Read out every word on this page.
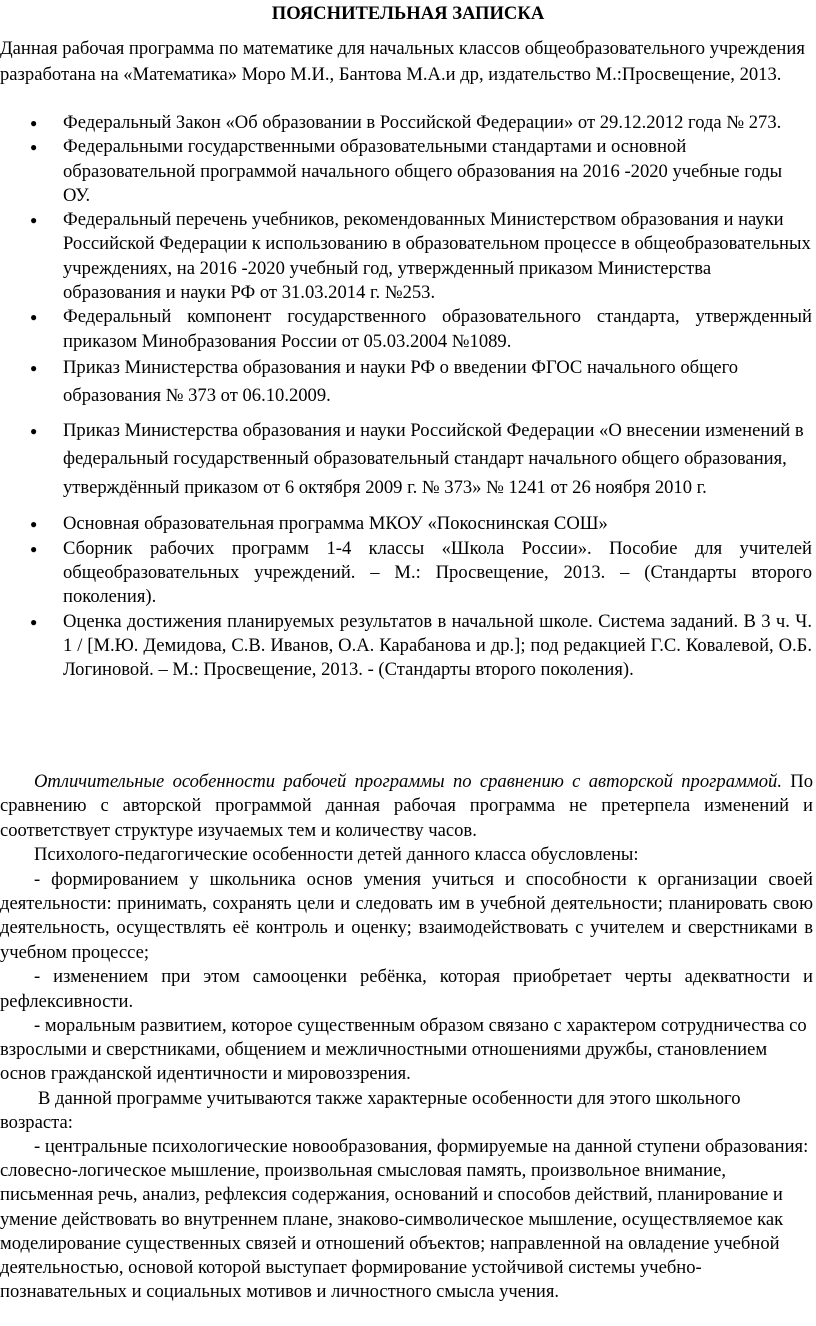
ПОЯСНИТЕЛЬНАЯ ЗАПИСКА

Данная рабочая программа по математике для начальных классов общеобразовательного учреждения разработана на «Математика» Моро М.И., Бантова М.А.и др, издательство М.:Просвещение, 2013.

● Федеральный Закон «Об образовании в Российской Федерации» от 29.12.2012 года № 273.
● Федеральными государственными образовательными стандартами и основной образовательной программой начального общего образования на 2016 -2020 учебные годы ОУ.
● Федеральный перечень учебников, рекомендованных Министерством образования и науки Российской Федерации к использованию в образовательном процессе в общеобразовательных учреждениях, на 2016 -2020 учебный год, утвержденный приказом Министерства образования и науки РФ от 31.03.2014 г. №253.
● Федеральный компонент государственного образовательного стандарта, утвержденный приказом Минобразования России от 05.03.2004 №1089.
● Приказ Министерства образования и науки РФ о введении ФГОС начального общего образования № 373 от 06.10.2009.
● Приказ Министерства образования и науки Российской Федерации «О внесении изменений в федеральный государственный образовательный стандарт начального общего образования, утверждённый приказом от 6 октября 2009 г. № 373» № 1241 от 26 ноября 2010 г.
● Основная образовательная программа МКОУ «Покоснинская СОШ»
● Сборник рабочих программ 1-4 классы «Школа России». Пособие для учителей общеобразовательных учреждений. – М.: Просвещение, 2013. – (Стандарты второго поколения).
● Оценка достижения планируемых результатов в начальной школе. Система заданий. В 3 ч. Ч. 1 / [М.Ю. Демидова, С.В. Иванов, О.А. Карабанова и др.]; под редакцией Г.С. Ковалевой, О.Б. Логиновой. – М.: Просвещение, 2013. - (Стандарты второго поколения).

Отличительные особенности рабочей программы по сравнению с авторской программой. По сравнению с авторской программой данная рабочая программа не претерпела изменений и соответствует структуре изучаемых тем и количеству часов.

Психолого-педагогические особенности детей данного класса обусловлены:

- формированием у школьника основ умения учиться и способности к организации своей деятельности: принимать, сохранять цели и следовать им в учебной деятельности; планировать свою деятельность, осуществлять её контроль и оценку; взаимодействовать с учителем и сверстниками в учебном процессе;

- изменением при этом самооценки ребёнка, которая приобретает черты адекватности и рефлексивности.

- моральным развитием, которое существенным образом связано с характером сотрудничества со взрослыми и сверстниками, общением и межличностными отношениями дружбы, становлением основ гражданской идентичности и мировоззрения.

В данной программе учитываются также характерные особенности для этого школьного возраста:

- центральные психологические новообразования, формируемые на данной ступени образования: словесно-логическое мышление, произвольная смысловая память, произвольное внимание, письменная речь, анализ, рефлексия содержания, оснований и способов действий, планирование и умение действовать во внутреннем плане, знаково-символическое мышление, осуществляемое как моделирование существенных связей и отношений объектов; направленной на овладение учебной деятельностью, основой которой выступает формирование устойчивой системы учебно-познавательных и социальных мотивов и личностного смысла учения.
